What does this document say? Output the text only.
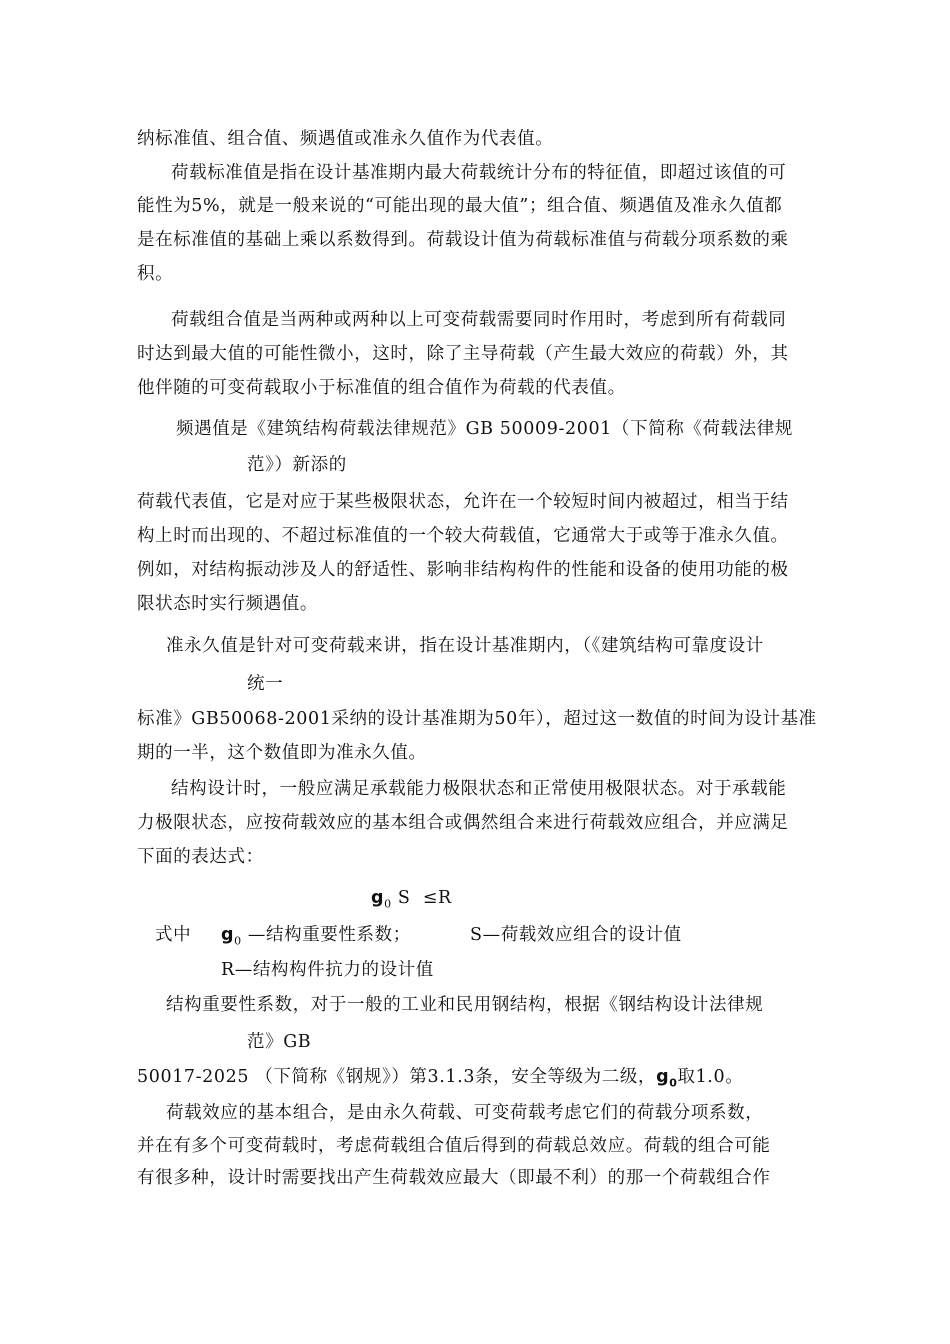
纳标准值、组合值、频遇值或准永久值作为代表值。
荷载标准值是指在设计基准期内最大荷载统计分布的特征值，即超过该值的可
能性为5%，就是一般来说的“可能出现的最大值”；组合值、频遇值及准永久值都
是在标准值的基础上乘以系数得到。荷载设计值为荷载标准值与荷载分项系数的乘
积。
荷载组合值是当两种或两种以上可变荷载需要同时作用时，考虑到所有荷载同
时达到最大值的可能性微小，这时，除了主导荷载（产生最大效应的荷载）外，其
他伴随的可变荷载取小于标准值的组合值作为荷载的代表值。
频遇值是《建筑结构荷载法律规范》GB 50009-2001（下简称《荷载法律规
范》）新添的
荷载代表值，它是对应于某些极限状态，允许在一个较短时间内被超过，相当于结
构上时而出现的、不超过标准值的一个较大荷载值，它通常大于或等于准永久值。
例如，对结构振动涉及人的舒适性、影响非结构构件的性能和设备的使用功能的极
限状态时实行频遇值。
准永久值是针对可变荷载来讲，指在设计基准期内，（《建筑结构可靠度设计
统一
标准》GB50068-2001采纳的设计基准期为50年），超过这一数值的时间为设计基准
期的一半，这个数值即为准永久值。
结构设计时，一般应满足承载能力极限状态和正常使用极限状态。对于承载能
力极限状态，应按荷载效应的基本组合或偶然组合来进行荷载效应组合，并应满足
下面的表达式：
$g_0$ S ≤R
式中 $g_0$ —结构重要性系数；	S—荷载效应组合的设计值
R—结构构件抗力的设计值
结构重要性系数，对于一般的工业和民用钢结构，根据《钢结构设计法律规
范》GB
50017-2025 （下简称《钢规》）第3.1.3条，安全等级为二级，$g_0$取1.0。
荷载效应的基本组合，是由永久荷载、可变荷载考虑它们的荷载分项系数，
并在有多个可变荷载时，考虑荷载组合值后得到的荷载总效应。荷载的组合可能
有很多种，设计时需要找出产生荷载效应最大（即最不利）的那一个荷载组合作
